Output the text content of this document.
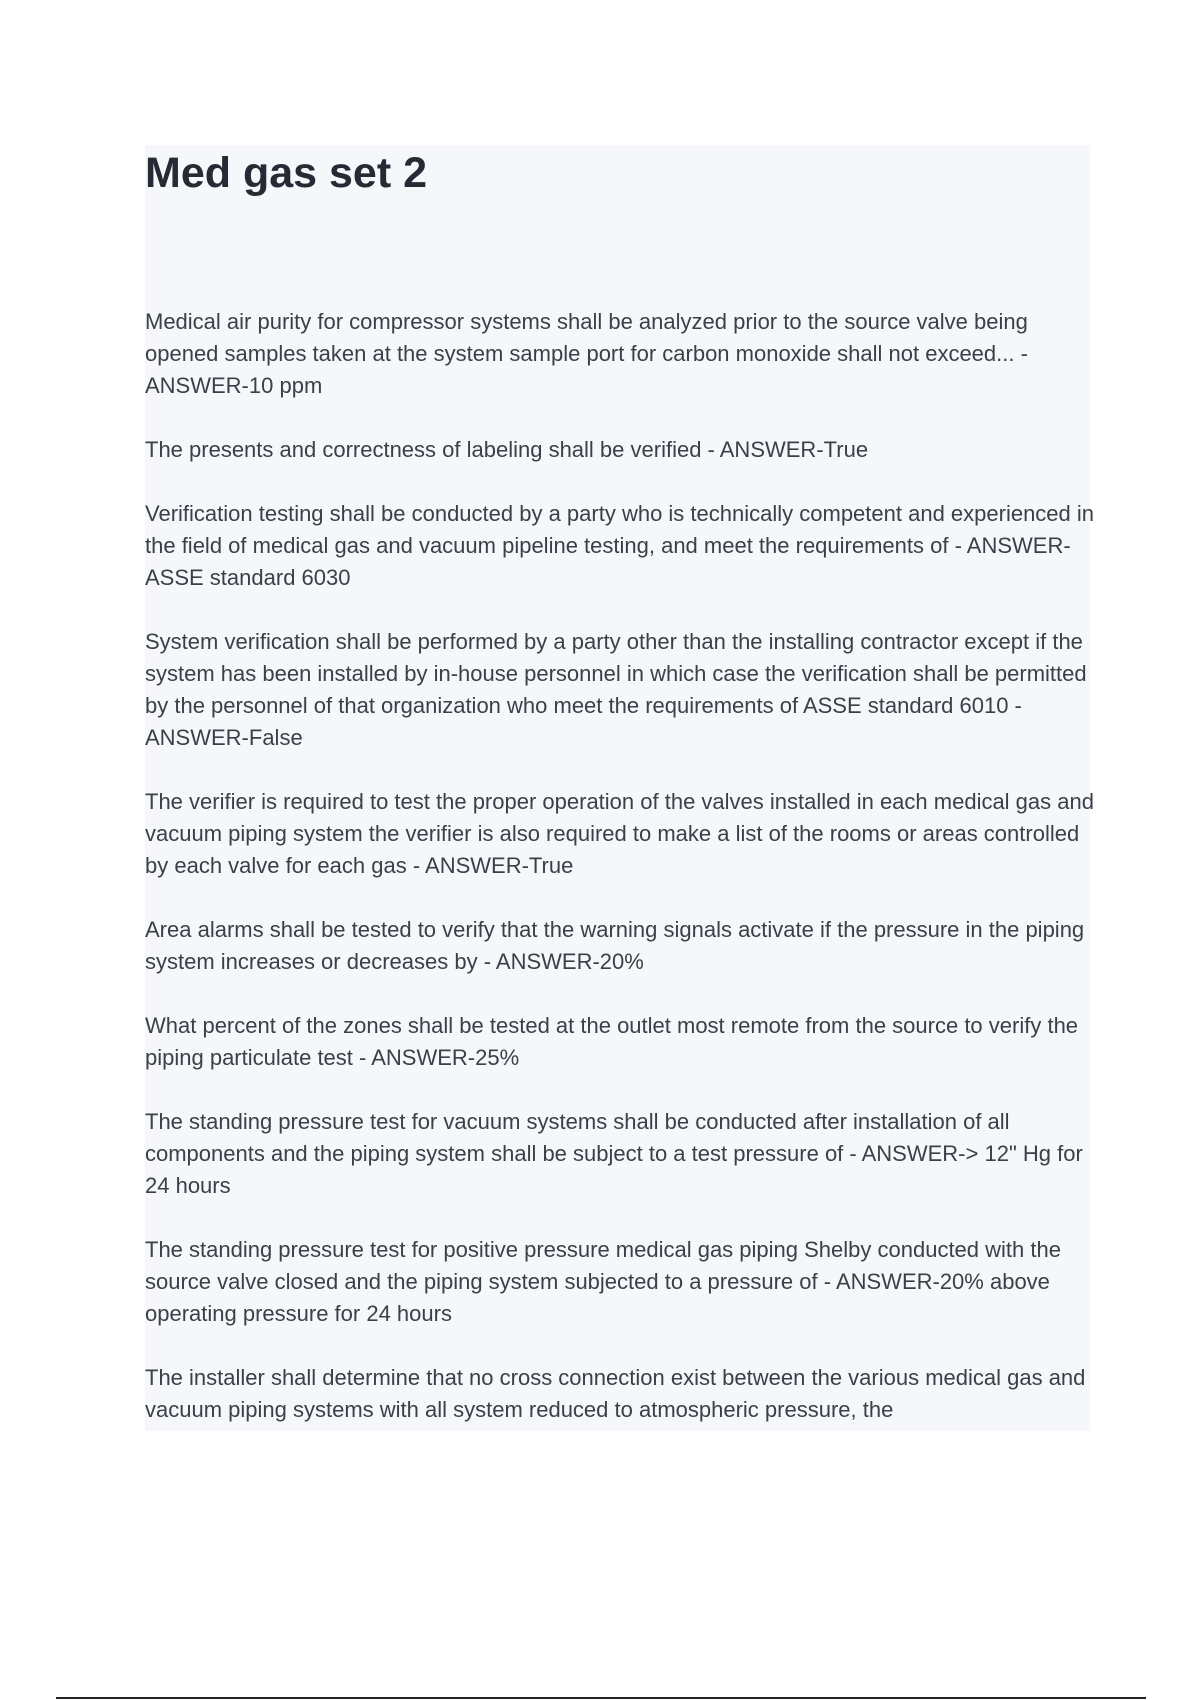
Med gas set 2

Medical air purity for compressor systems shall be analyzed prior to the source valve being opened samples taken at the system sample port for carbon monoxide shall not exceed... - ANSWER-10 ppm

The presents and correctness of labeling shall be verified - ANSWER-True

Verification testing shall be conducted by a party who is technically competent and experienced in the field of medical gas and vacuum pipeline testing, and meet the requirements of - ANSWER-ASSE standard 6030

System verification shall be performed by a party other than the installing contractor except if the system has been installed by in-house personnel in which case the verification shall be permitted by the personnel of that organization who meet the requirements of ASSE standard 6010 - ANSWER-False

The verifier is required to test the proper operation of the valves installed in each medical gas and vacuum piping system the verifier is also required to make a list of the rooms or areas controlled by each valve for each gas - ANSWER-True

Area alarms shall be tested to verify that the warning signals activate if the pressure in the piping system increases or decreases by - ANSWER-20%

What percent of the zones shall be tested at the outlet most remote from the source to verify the piping particulate test - ANSWER-25%

The standing pressure test for vacuum systems shall be conducted after installation of all components and the piping system shall be subject to a test pressure of - ANSWER-> 12" Hg for 24 hours

The standing pressure test for positive pressure medical gas piping Shelby conducted with the source valve closed and the piping system subjected to a pressure of - ANSWER-20% above operating pressure for 24 hours

The installer shall determine that no cross connection exist between the various medical gas and vacuum piping systems with all system reduced to atmospheric pressure, the
